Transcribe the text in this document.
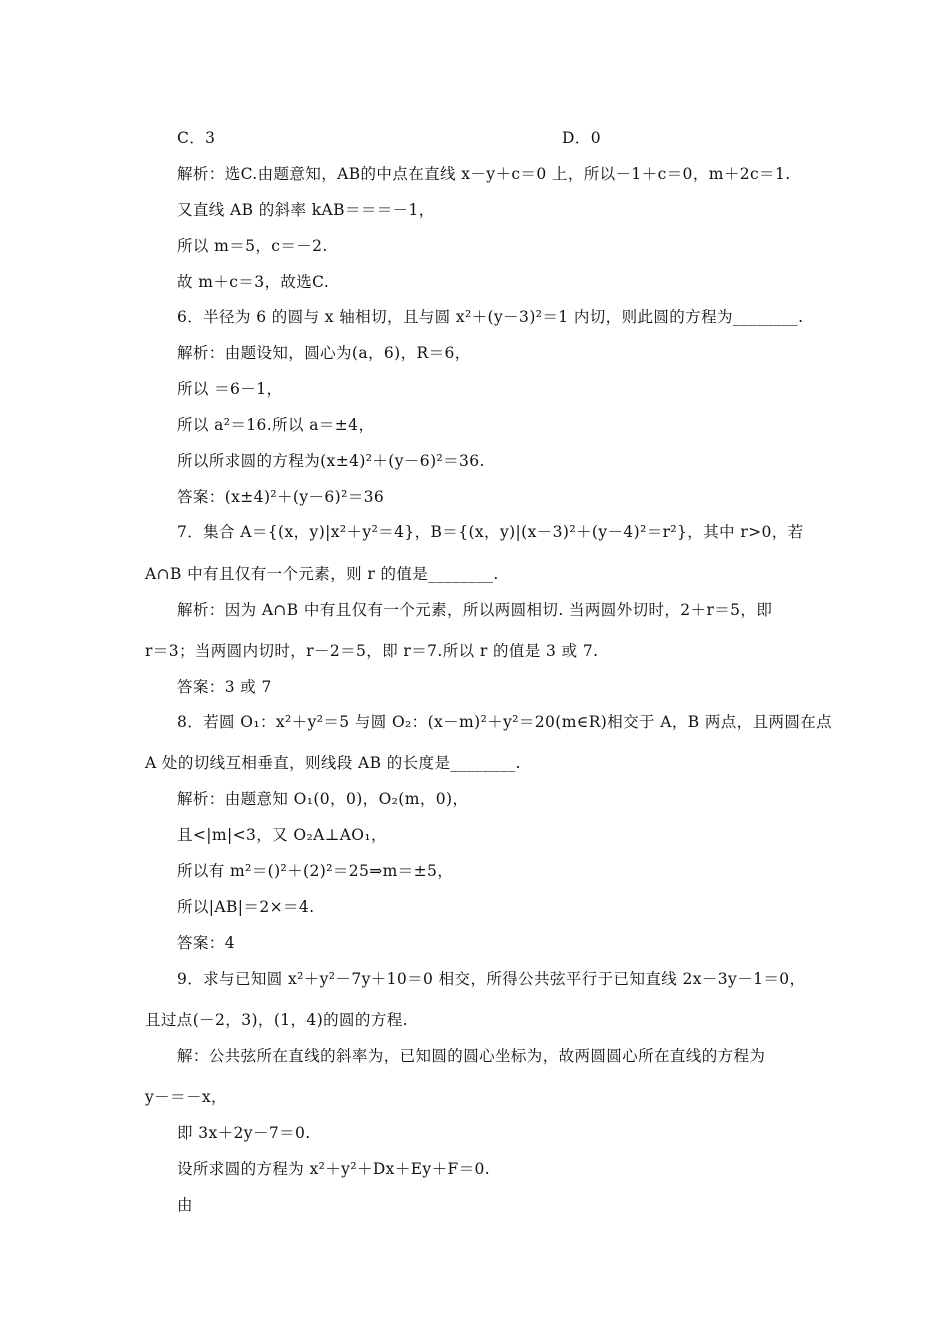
C．3	D．0
解析：选C.由题意知，AB的中点在直线 x－y＋c＝0 上，所以－1＋c＝0，m＋2c＝1.
又直线 AB 的斜率 kAB＝＝＝－1，
所以 m＝5，c＝－2.
故 m＋c＝3，故选C.
6．半径为 6 的圆与 x 轴相切，且与圆 x²＋(y－3)²＝1 内切，则此圆的方程为________.
解析：由题设知，圆心为(a，6)，R＝6，
所以 ＝6－1，
所以 a²＝16.所以 a＝±4，
所以所求圆的方程为(x±4)²＋(y－6)²＝36.
答案：(x±4)²＋(y－6)²＝36
7．集合 A＝{(x，y)|x²＋y²＝4}，B＝{(x，y)|(x－3)²＋(y－4)²＝r²}，其中 r>0，若
A∩B 中有且仅有一个元素，则 r 的值是________.
解析：因为 A∩B 中有且仅有一个元素，所以两圆相切. 当两圆外切时，2＋r＝5，即
r＝3；当两圆内切时，r－2＝5，即 r＝7.所以 r 的值是 3 或 7.
答案：3 或 7
8．若圆 O₁：x²＋y²＝5 与圆 O₂：(x－m)²＋y²＝20(m∈R)相交于 A，B 两点，且两圆在点
A 处的切线互相垂直，则线段 AB 的长度是________.
解析：由题意知 O₁(0，0)，O₂(m，0)，
且<|m|<3，又 O₂A⊥AO₁，
所以有 m²＝()²＋(2)²＝25⇒m＝±5，
所以|AB|＝2×＝4.
答案：4
9．求与已知圆 x²＋y²－7y＋10＝0 相交，所得公共弦平行于已知直线 2x－3y－1＝0，
且过点(－2，3)，(1，4)的圆的方程.
解：公共弦所在直线的斜率为，已知圆的圆心坐标为，故两圆圆心所在直线的方程为
y－＝－x，
即 3x＋2y－7＝0.
设所求圆的方程为 x²＋y²＋Dx＋Ey＋F＝0.
由
